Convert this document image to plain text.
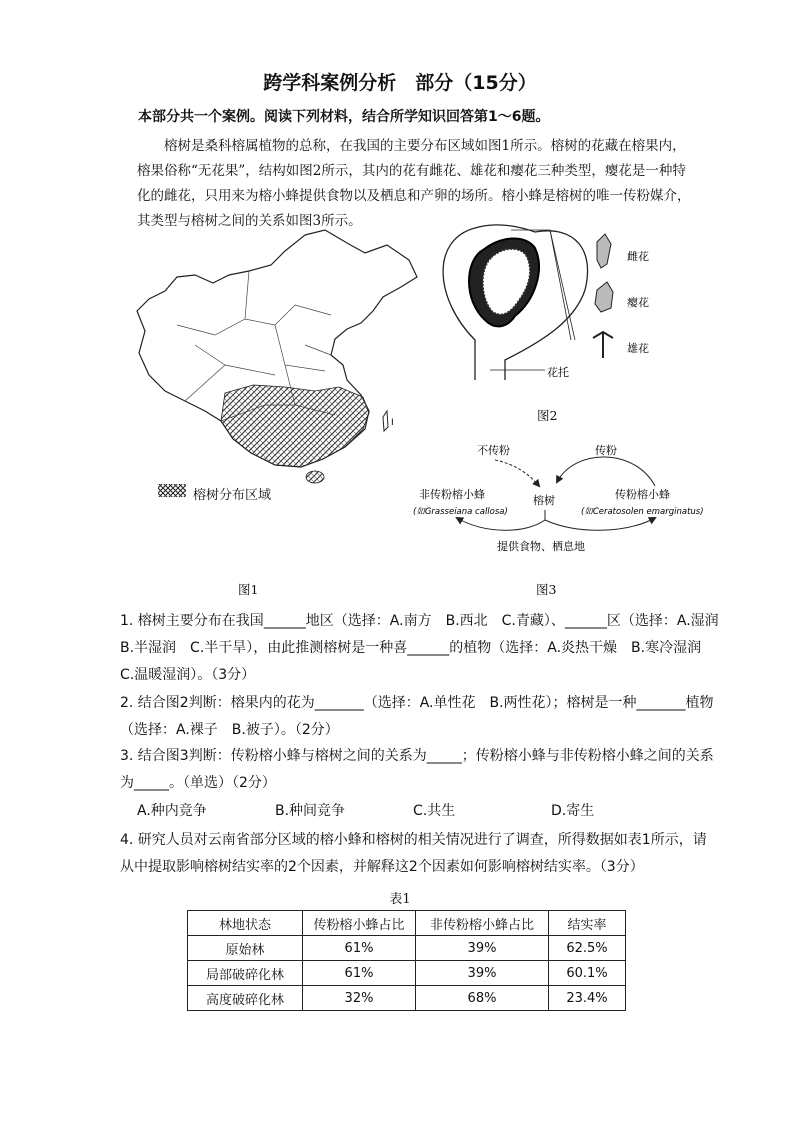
跨学科案例分析　部分（15分）
本部分共一个案例。阅读下列材料，结合所学知识回答第1～6题。
榕树是桑科榕属植物的总称，在我国的主要分布区域如图1所示。榕树的花藏在榕果内，榕果俗称“无花果”，结构如图2所示，其内的花有雌花、雄花和瘿花三种类型，瘿花是一种特化的雌花，只用来为榕小蜂提供食物以及栖息和产卵的场所。榕小蜂是榕树的唯一传粉媒介，其类型与榕树之间的关系如图3所示。
I
榕树分布区域
图1
雌花
瘿花
雄花
花托
图2
不传粉	传粉
非传粉榕小蜂
(如Grasseiana callosa)
榕树	传粉榕小蜂
(如Ceratosolen emarginatus)
提供食物、栖息地
图3
1. 榕树主要分布在我国______地区（选择：A.南方　B.西北　C.青藏）、______区（选择：A.湿润　B.半湿润　C.半干旱），由此推测榕树是一种喜______的植物（选择：A.炎热干燥　B.寒冷湿润　C.温暖湿润）。（3分）
2. 结合图2判断：榕果内的花为_______（选择：A.单性花　B.两性花）；榕树是一种_______植物（选择：A.裸子　B.被子）。（2分）
3. 结合图3判断：传粉榕小蜂与榕树之间的关系为_____；传粉榕小蜂与非传粉榕小蜂之间的关系为_____。（单选）（2分）
A.种内竞争	B.种间竞争	C.共生	D.寄生
4. 研究人员对云南省部分区域的榕小蜂和榕树的相关情况进行了调查，所得数据如表1所示，请从中提取影响榕树结实率的2个因素，并解释这2个因素如何影响榕树结实率。（3分）
表1
林地状态	传粉榕小蜂占比	非传粉榕小蜂占比	结实率
原始林	61%	39%	62.5%
局部破碎化林	61%	39%	60.1%
高度破碎化林	32%	68%	23.4%
